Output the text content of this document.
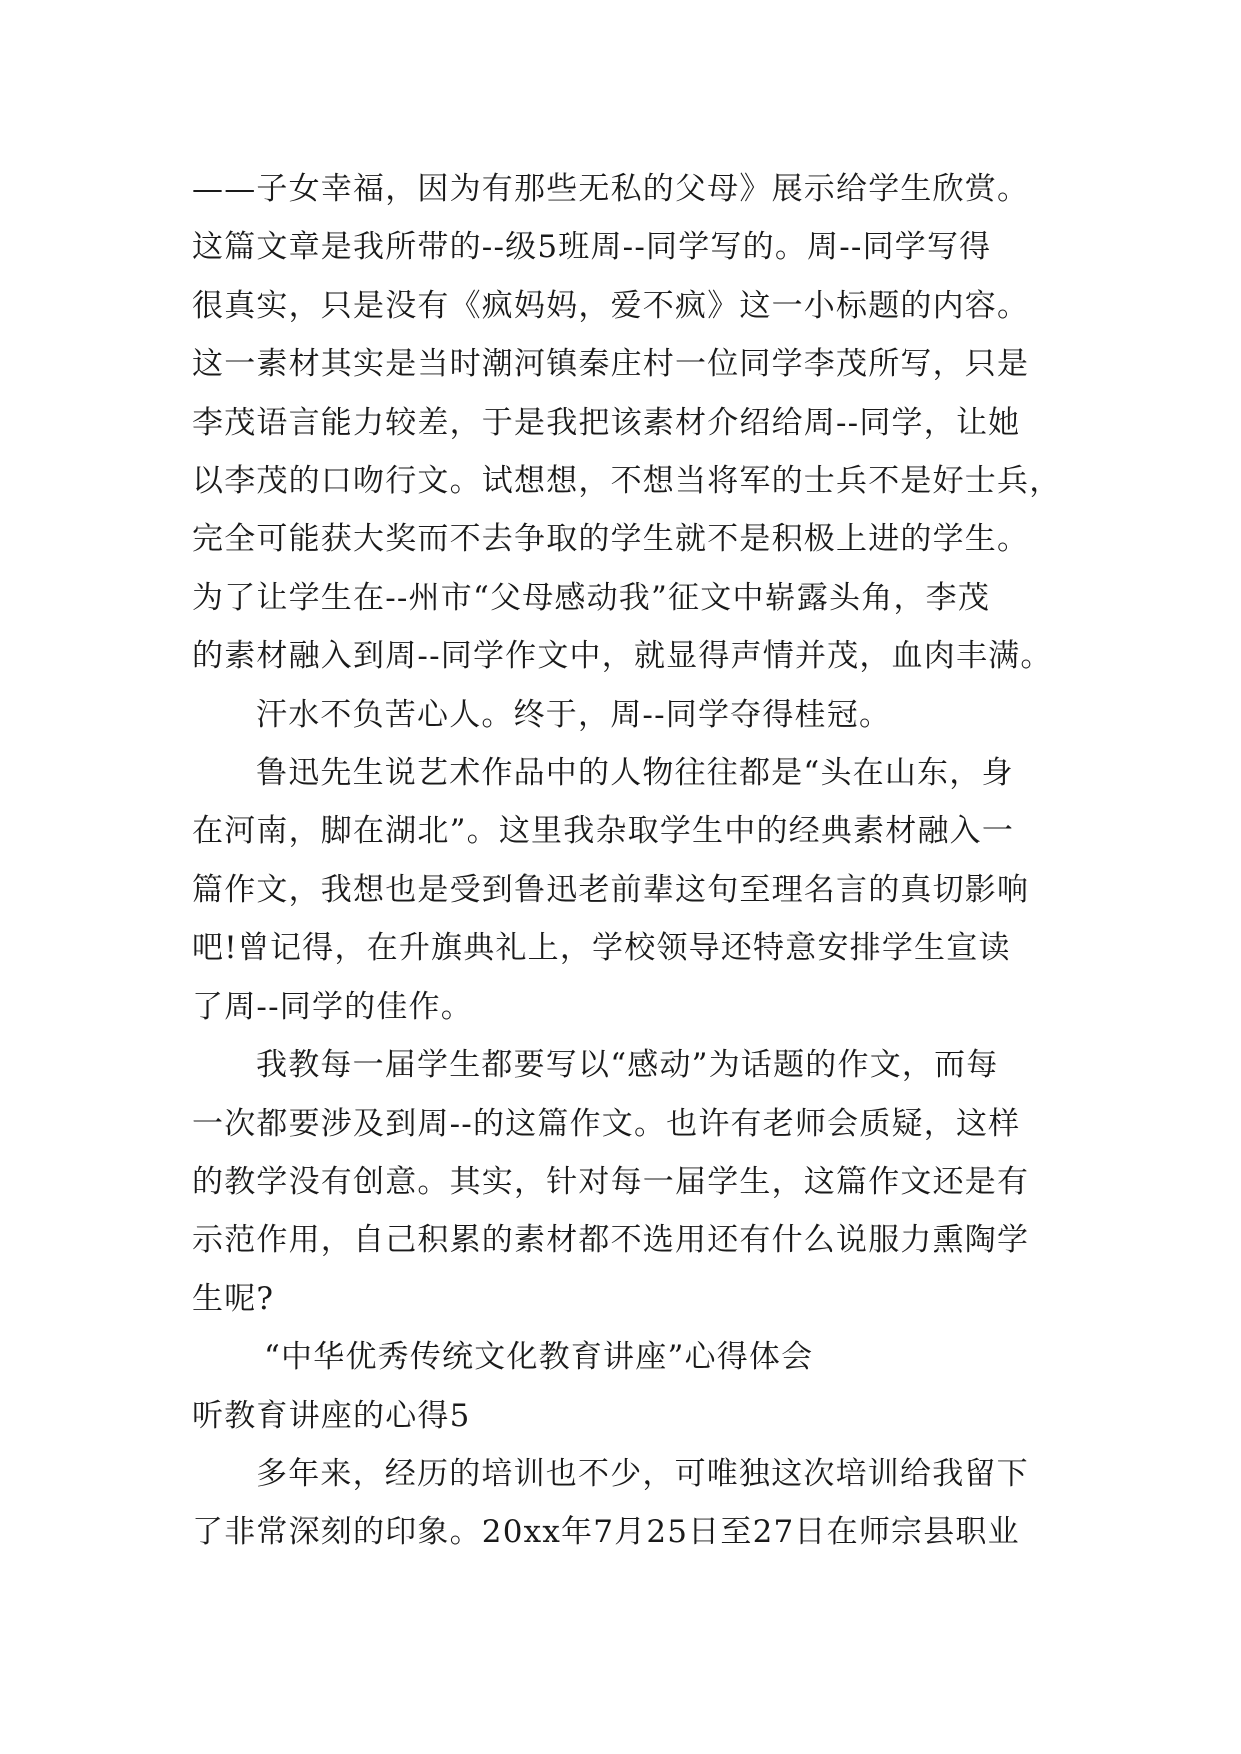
——子女幸福，因为有那些无私的父母》展示给学生欣赏。
这篇文章是我所带的--级5班周--同学写的。周--同学写得
很真实，只是没有《疯妈妈，爱不疯》这一小标题的内容。
这一素材其实是当时潮河镇秦庄村一位同学李茂所写，只是
李茂语言能力较差，于是我把该素材介绍给周--同学，让她
以李茂的口吻行文。试想想，不想当将军的士兵不是好士兵，
完全可能获大奖而不去争取的学生就不是积极上进的学生。
为了让学生在--州市“父母感动我”征文中崭露头角，李茂
的素材融入到周--同学作文中，就显得声情并茂，血肉丰满。

汗水不负苦心人。终于，周--同学夺得桂冠。

鲁迅先生说艺术作品中的人物往往都是“头在山东，身
在河南，脚在湖北”。这里我杂取学生中的经典素材融入一
篇作文，我想也是受到鲁迅老前辈这句至理名言的真切影响
吧!曾记得，在升旗典礼上，学校领导还特意安排学生宣读
了周--同学的佳作。

我教每一届学生都要写以“感动”为话题的作文，而每
一次都要涉及到周--的这篇作文。也许有老师会质疑，这样
的教学没有创意。其实，针对每一届学生，这篇作文还是有
示范作用，自己积累的素材都不选用还有什么说服力熏陶学
生呢?

“中华优秀传统文化教育讲座”心得体会

听教育讲座的心得5

多年来，经历的培训也不少，可唯独这次培训给我留下
了非常深刻的印象。20xx年7月25日至27日在师宗县职业
